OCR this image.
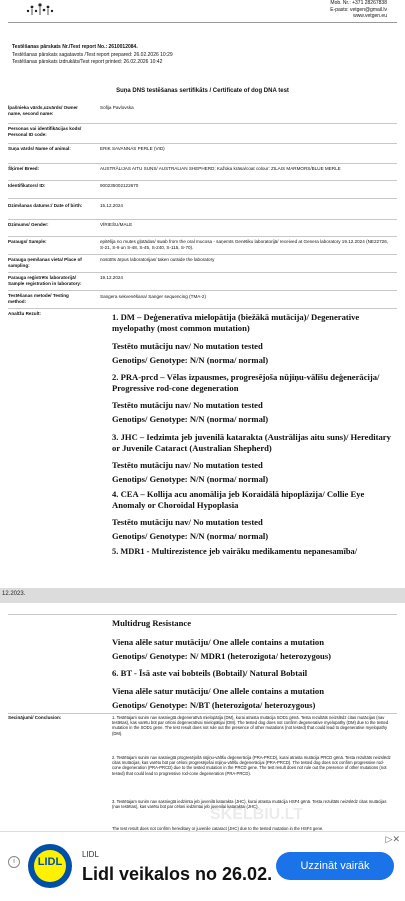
Mob. Nr.: +371 28267838
E-pasts: vetgen@gmail.lv
www.vetgen.eu
Testēšanas pārskats Nr./Test report No.: 2610012084.
Testēšanas pārskats sagatavots /Test report prepared: 26.02.2026 10:29
Testēšanas pārskats izdrukāts/Test report printed: 26.02.2026 10:42
Suņa DNS testēšanas sertifikāts / Certificate of dog DNA test
Īpašnieka vārds,uzvārds/ Owner name, second name:
Sofija Pavlovska
Personas vai identifikācijas kods/ Personal ID code:
Suņa vārds/ Name of animal:	ERIK SAVANNAS PERLE (VID)
Šķirne/ Breed:	AUSTRĀLIJAS AITU SUNS/ AUSTRALIAN SHEPHERD; Kažoka krāsa/coat colour: ZILAIS MARMORS/BLUE MERLE
Identifikators/ ID:	900235002122670
Dzimšanas datums:/ Date of birth:	15.12.2024
Dzimums/ Gender:	VĪRIEŠU/MALE
Paraugs/ Sample:	epitēlija no mutes gļotādas/ swab from the oral mucosa - saņemts Genētiku laboratorijā/ received at Genera laboratory 19.12.2024 (NE22726, S-21, S-9 un S-48, S-45, S-240, S-115, S-70).
Parauga ņemšanas vieta/ Place of sampling:
nosūtīts ārpus laboratorijas/ taken outside the laboratory
Parauga reģistrēts laboratorijā/ Sample registration in laboratory:
19.12.2024
Testēšanas metode/ Testing method:
Sangera sekvenēšana/ Sanger sequencing (TMA-2)
Analīžu Rezult:	1. DM – Deģeneratīva mielopātija (biežākā mutācija)/ Degenerative myelopathy (most common mutation)
Testēto mutāciju nav/ No mutation tested
Genotips/ Genotype: N/N (norma/ normal)
2. PRA-prcd – Vēlas izpausmes, progresējoša nūjiņu-vālīšu deģenerācija/ Progressive rod-cone degeneration
Testēto mutāciju nav/ No mutation tested
Genotips/ Genotype: N/N (norma/ normal)
3. JHC – Iedzimta jeb juvenilā katarakta (Austrālijas aitu suns)/ Hereditary or Juvenile Cataract (Australian Shepherd)
Testēto mutāciju nav/ No mutation tested
Genotips/ Genotype: N/N (norma/ normal)
4. CEA – Kollija acu anomālija jeb Koraidālā hipoplāzija/ Collie Eye Anomaly or Choroidal Hypoplasia
Testēto mutāciju nav/ No mutation tested
Genotips/ Genotype: N/N (norma/ normal)
5. MDR1 - Multirezistence jeb vairāku medikamentu nepanesamība/
12.2023.
Multidrug Resistance
Viena alēle satur mutāciju/ One allele contains a mutation
Genotips/ Genotype: N/ MDR1 (heterozigota/ heterozygous)
6. BT - Īsā aste vai bobteils (Bobtail)/ Natural Bobtail
Viena alēle satur mutāciju/ One allele contains a mutation
Genotips/ Genotype: N/BT (heterozigota/ heterozygous)
Secinājumi/ Conclusion:	1. Testētajam sunim nav sasniegtā deģeneratīvā mielopātija (DM), kurai atrasta mutācija SOD1 gēnā. Testa rezultāts neizslēdz citas mutācijas (nav testētas), kas varētu būt par cēloni deģeneratīvai mielopātijai (DM). The tested dog does not confirm degenerative myelopathy (DM) due to the tested mutation in the SOD1 gene. The test result does not rule out the presence of other mutations (not tested) that could lead to degenerative myelopathy (DM).
2. Testētajam sunim nav sasniegtā progresējošā nūjiņu-vālīšu deģenerācija (PRA-PRCD), kurai atrasta mutācija PRCD gēnā. Testa rezultāts neizslēdz citas mutācijas, kas varētu būt par cēloni progresējošai nūjiņu-vālīšu deģenerācijai (PRA-PRCD). The tested dog does not confirm progressive rod-cone degeneration (PRA-PRCD) due to the tested mutation in the PRCD gene. The test result does not rule out the presence of other mutations (not tested) that could lead to progressive rod-cone degeneration (PRA-PRCD).
3. Testētajam sunim nav sasniegtā iedzimta jeb juvenilā katarakta (JHC), kurai atrasta mutācija HSF4 gēnā. Testa rezultāts neizslēdz citas mutācijas (nav testētas), kas varētu būt par cēloni iedzimtai jeb juvenilai kataraktai (JHC).
The test result does not confirm hereditary or juvenile cataract (JHC) due to the tested mutation in the HSF4 gene.
SKELBIU.LT
▷✕
i	LIDL
LIDL
Lidl veikalos no 26.02.	Uzzināt vairāk
